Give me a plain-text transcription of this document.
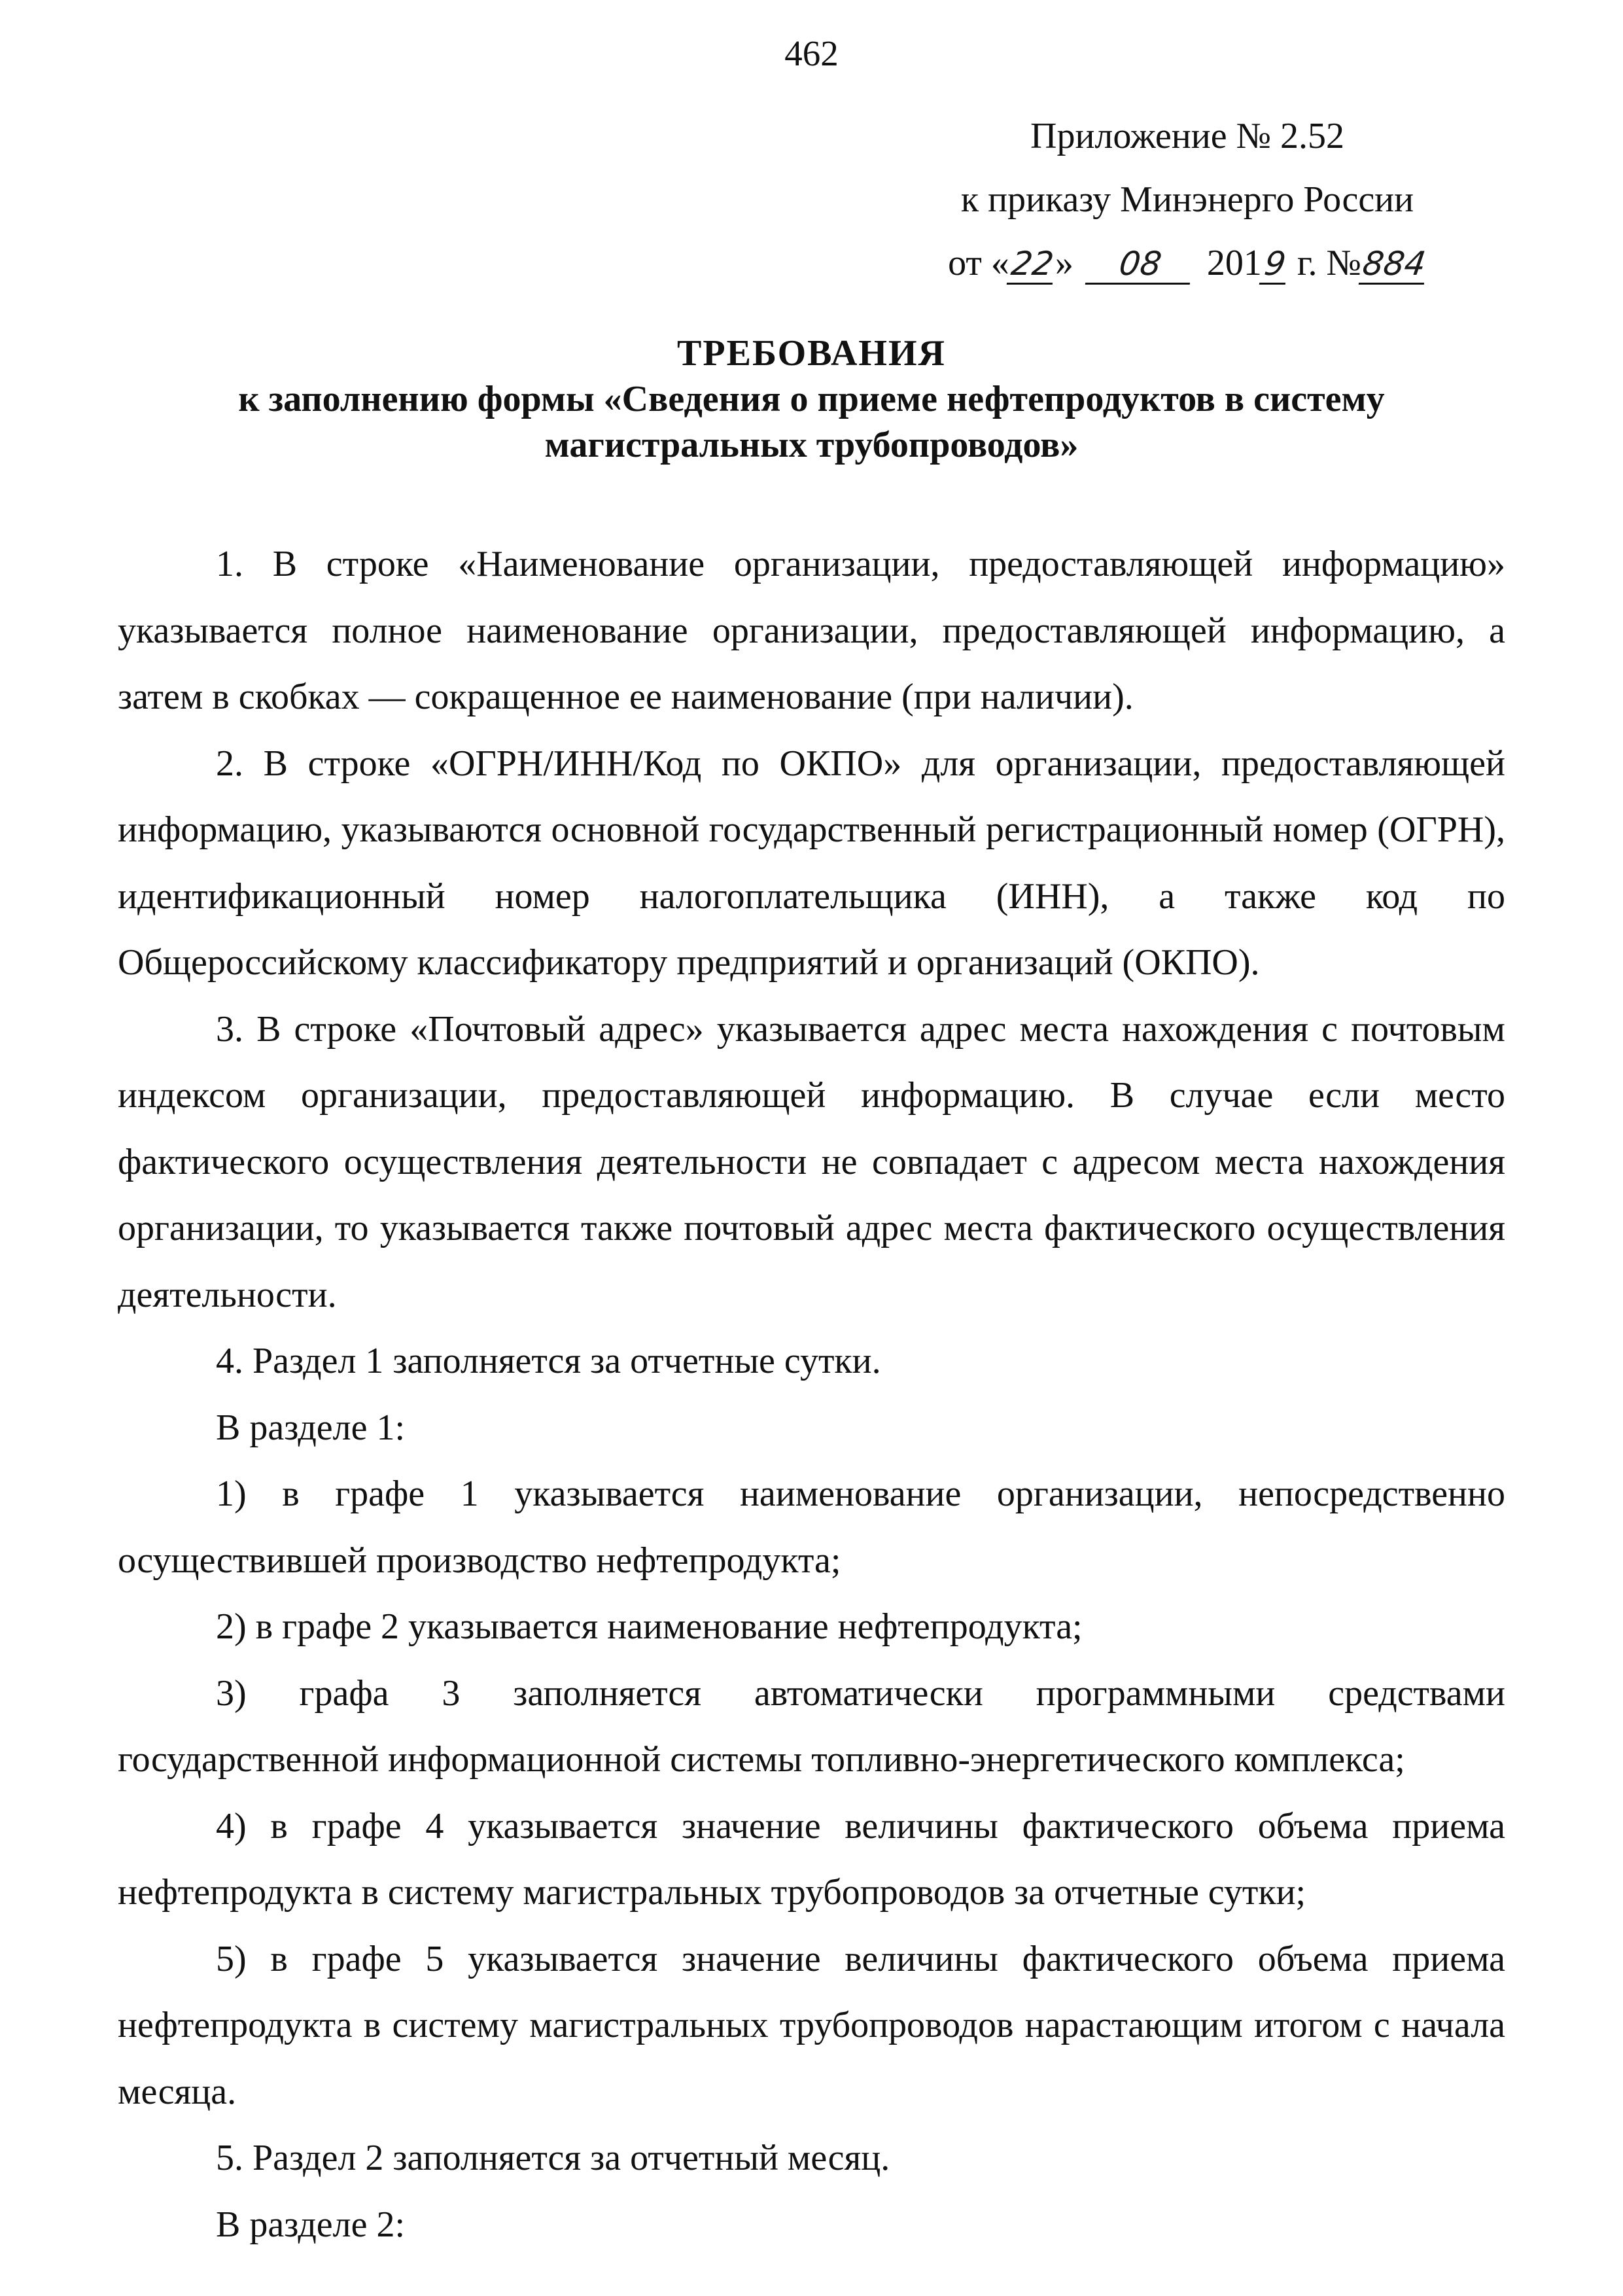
462
Приложение № 2.52
к приказу Минэнерго России
от «22» 08 2019 г. №884
ТРЕБОВАНИЯ
к заполнению формы «Сведения о приеме нефтепродуктов в систему
магистральных трубопроводов»

1. В строке «Наименование организации, предоставляющей информацию» указывается полное наименование организации, предоставляющей информацию, а затем в скобках — сокращенное ее наименование (при наличии).

2. В строке «ОГРН/ИНН/Код по ОКПО» для организации, предоставляющей информацию, указываются основной государственный регистрационный номер (ОГРН), идентификационный номер налогоплательщика (ИНН), а также код по Общероссийскому классификатору предприятий и организаций (ОКПО).

3. В строке «Почтовый адрес» указывается адрес места нахождения с почтовым индексом организации, предоставляющей информацию. В случае если место фактического осуществления деятельности не совпадает с адресом места нахождения организации, то указывается также почтовый адрес места фактического осуществления деятельности.

4. Раздел 1 заполняется за отчетные сутки.

В разделе 1:

1) в графе 1 указывается наименование организации, непосредственно осуществившей производство нефтепродукта;

2) в графе 2 указывается наименование нефтепродукта;

3) графа 3 заполняется автоматически программными средствами государственной информационной системы топливно-энергетического комплекса;

4) в графе 4 указывается значение величины фактического объема приема нефтепродукта в систему магистральных трубопроводов за отчетные сутки;

5) в графе 5 указывается значение величины фактического объема приема нефтепродукта в систему магистральных трубопроводов нарастающим итогом с начала месяца.

5. Раздел 2 заполняется за отчетный месяц.

В разделе 2:
